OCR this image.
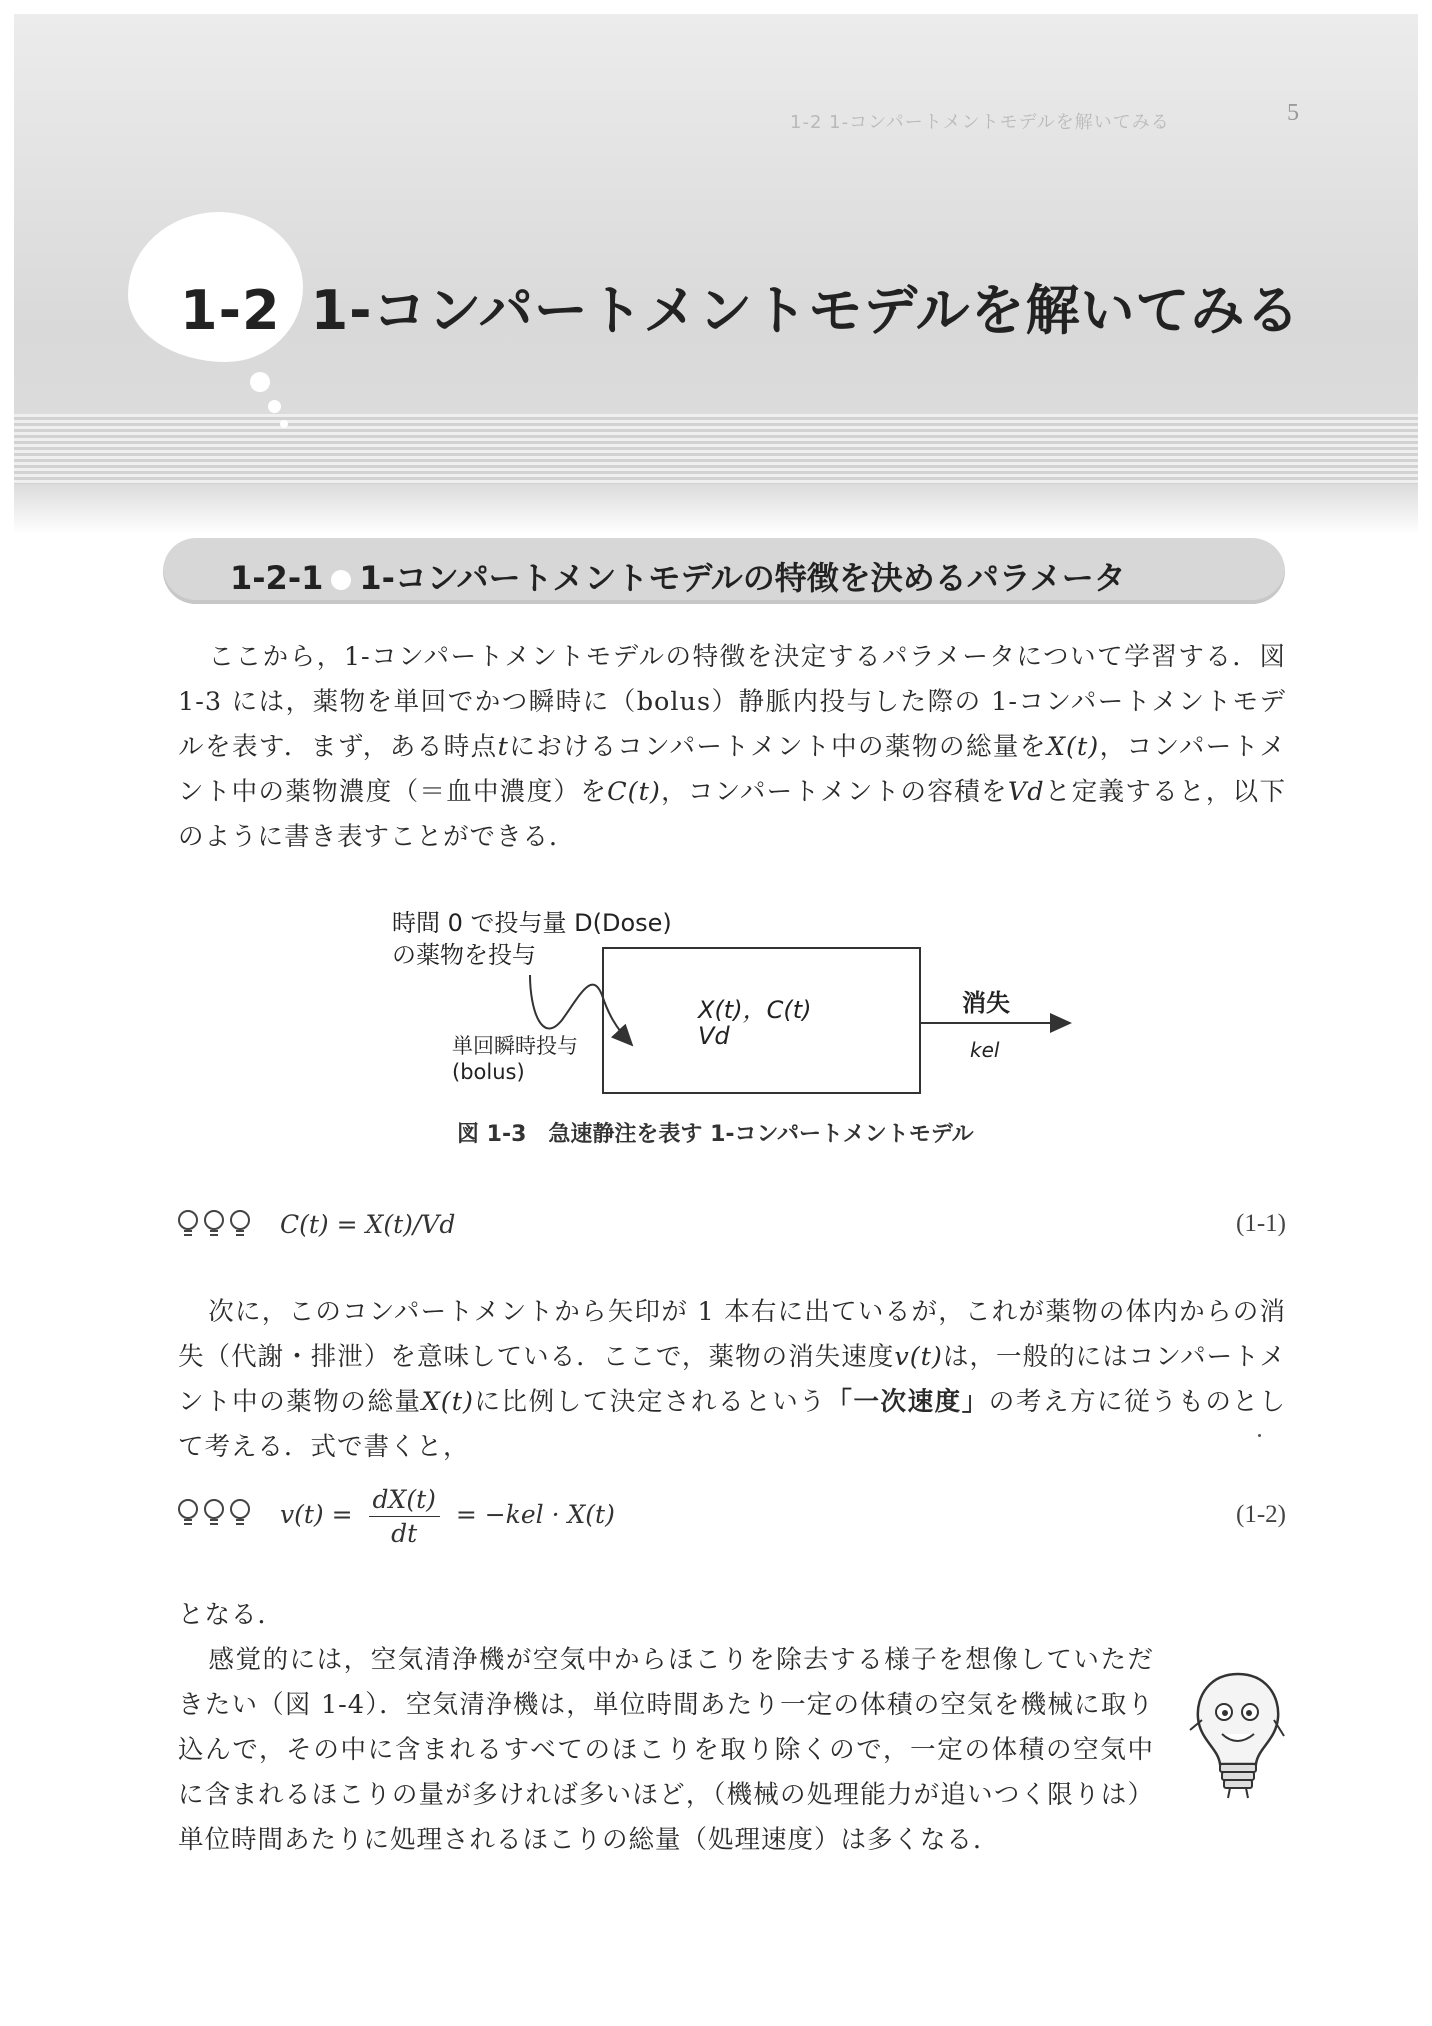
1-2 1-コンパートメントモデルを解いてみる	5
1-2 1-コンパートメントモデルを解いてみる
1-2-1 1-コンパートメントモデルの特徴を決めるパラメータ

ここから，1-コンパートメントモデルの特徴を決定するパラメータについて学習する．図 1-3 には，薬物を単回でかつ瞬時に（bolus）静脈内投与した際の 1-コンパートメントモデルを表す．まず，ある時点tにおけるコンパートメント中の薬物の総量をX(t)，コンパートメント中の薬物濃度（＝血中濃度）をC(t)，コンパートメントの容積をVdと定義すると，以下のように書き表すことができる．

時間 0 で投与量 D(Dose)
の薬物を投与
単回瞬時投与
(bolus)
X(t)，C(t)
Vd
消失
kel
図 1-3　急速静注を表す 1-コンパートメントモデル
C(t) = X(t)/Vd	(1-1)

次に，このコンパートメントから矢印が 1 本右に出ているが，これが薬物の体内からの消失（代謝・排泄）を意味している．ここで，薬物の消失速度v(t)は，一般的にはコンパートメント中の薬物の総量X(t)に比例して決定されるという「一次速度」の考え方に従うものとして考える．式で書くと，

$v(t) = \frac{dX(t)}{dt} = -kel \cdot X(t)$	(1-2)

となる．

感覚的には，空気清浄機が空気中からほこりを除去する様子を想像していただきたい（図 1-4）．空気清浄機は，単位時間あたり一定の体積の空気を機械に取り込んで，その中に含まれるすべてのほこりを取り除くので，一定の体積の空気中に含まれるほこりの量が多ければ多いほど，（機械の処理能力が追いつく限りは）単位時間あたりに処理されるほこりの総量（処理速度）は多くなる．
